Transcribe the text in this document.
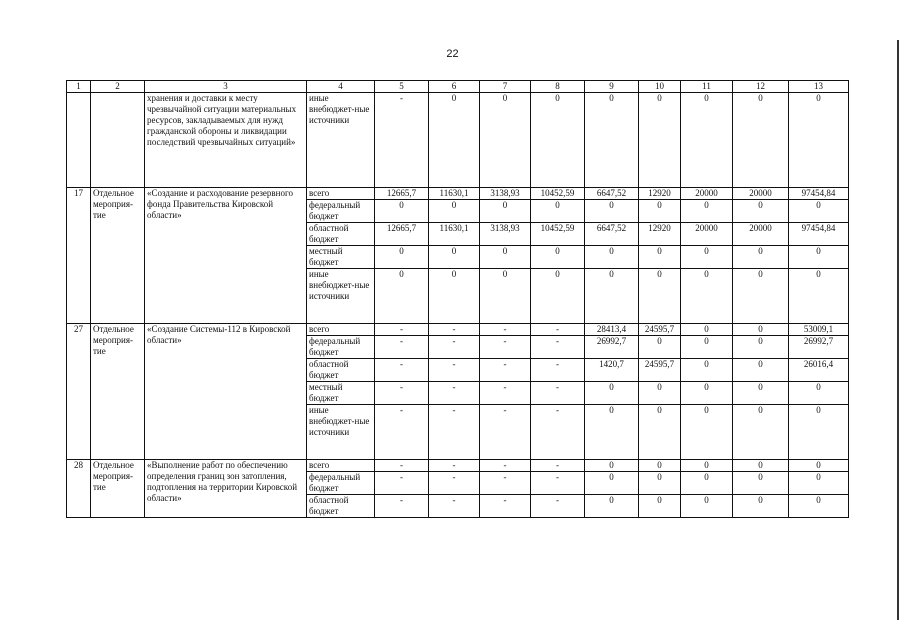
22
1	2	3	4	5	6	7	8	9	10	11	12	13
		хранения и доставки к месту чрезвычайной ситуации материальных ресурсов, закладываемых для нужд гражданской обороны и ликвидации последствий чрезвычайных ситуаций»	иные внебюджет-ные источники	-	0	0	0	0	0	0	0	0
17	Отдельное мероприя-тие	«Создание и расходование резервного фонда Правительства Кировской области»	всего	12665,7	11630,1	3138,93	10452,59	6647,52	12920	20000	20000	97454,84
			федеральный бюджет	0	0	0	0	0	0	0	0	0
			областной бюджет	12665,7	11630,1	3138,93	10452,59	6647,52	12920	20000	20000	97454,84
			местный бюджет	0	0	0	0	0	0	0	0	0
			иные внебюджет-ные источники	0	0	0	0	0	0	0	0	0
27	Отдельное мероприя-тие	«Создание Системы-112 в Кировской области»	всего	-	-	-	-	28413,4	24595,7	0	0	53009,1
			федеральный бюджет	-	-	-	-	26992,7	0	0	0	26992,7
			областной бюджет	-	-	-	-	1420,7	24595,7	0	0	26016,4
			местный бюджет	-	-	-	-	0	0	0	0	0
			иные внебюджет-ные источники	-	-	-	-	0	0	0	0	0
28	Отдельное мероприя-тие	«Выполнение работ по обеспечению определения границ зон затопления, подтопления на территории Кировской области»	всего	-	-	-	-	0	0	0	0	0
			федеральный бюджет	-	-	-	-	0	0	0	0	0
			областной бюджет	-	-	-	-	0	0	0	0	0
